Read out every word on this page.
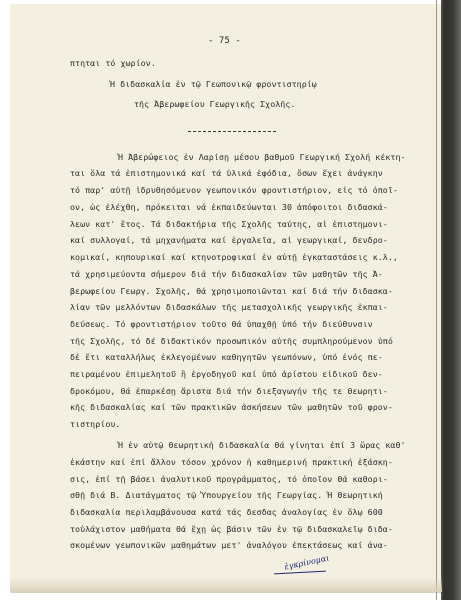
- 75 -
πτηται τό χωρίον.
Ἡ διδασκαλία ἐν τῷ Γεωπονικῷ φροντιστηρίῳ
τῆς Ἀβερωφείου Γεωργικῆς Σχολῆς.
Ἡ Ἀβερώφειος ἐν Λαρίσῃ μέσου βαθμοῦ Γεωργική Σχολή κέκτη-
ται ὅλα τά ἐπιστημονικά καί τά ὑλικά ἐφόδια, ὅσων ἔχει ἀνάγκην
τό παρ' αὐτῇ ἱδρυθησόμενον γεωπονικόν φροντιστήριον, εἰς τό ὁποῖ-
ον, ὡς ἐλέχθη, πρόκειται νά ἐκπαιδεύωνται 30 ἀπόφοιτοι διδασκά-
λεων κατ' ἔτος. Τά διδακτήρια τῆς Σχολῆς ταύτης, αἱ ἐπιστημονι-
καί συλλογαί, τά μηχανήματα καί ἐργαλεῖα, αἱ γεωργικαί, δενδρο-
κομικαί, κηπουρικαί καί κτηνοτροφικαί ἐν αὐτῇ ἐγκαταστάσεις κ.λ.,
τά χρησιμεύοντα σήμερον διά τήν διδασκαλίαν τῶν μαθητῶν τῆς Ἀ-
βερωφείου Γεωργ. Σχολῆς, θά χρησιμοποιῶνται καί διά τήν διδασκα-
λίαν τῶν μελλόντων διδασκάλων τῆς μετασχολικῆς γεωργικῆς ἐκπαι-
δεύσεως. Τό φροντιστήριον τοῦτο θά ὑπαχθῇ ὑπό τήν διεύθυνσιν
τῆς Σχολῆς, τό δέ διδακτικόν προσωπικόν αὐτῆς συμπληρούμενον ὑπό
δέ ἔτι καταλλήλως ἐκλεγομένων καθηγητῶν γεωπόνων, ὑπό ἑνός πε-
πειραμένου ἐπιμελητοῦ ἢ ἐργοδηγοῦ καί ὑπό ἀρίστου εἰδικοῦ δεν-
δροκόμου, θά ἐπαρκέσῃ ἄριστα διά τήν διεξαγωγήν τῆς τε θεωρητι-
κῆς διδασκαλίας καί τῶν πρακτικῶν ἀσκήσεων τῶν μαθητῶν τοῦ φρον-
τιστηρίου.
Ἡ ἐν αὐτῷ θεωρητική διδασκαλία θά γίνηται ἐπί 3 ὥρας καθ'
ἑκάστην καί ἐπί ἄλλον τόσον χρόνον ἡ καθημερινή πρακτική ἐξάσκη-
σις, ἐπί τῇ βάσει ἀναλυτικοῦ προγράμματος, τό ὁποῖον θά καθορι-
σθῇ διά Β. Διατάγματος τῷ Ὑπουργείου τῆς Γεωργίας. Ἡ θεωρητική
διδασκαλία περιλαμβάνουσα κατά τάς δεσδας ἀναλογίας ἐν ὅλῳ 600
τοὐλάχιστον μαθήματα θά ἔχῃ ὡς βάσιν τῶν ἐν τῷ διδασκαλεῖῳ διδα-
σκομένων γεωπονικῶν μαθημάτων μετ' ἀναλόγου ἐπεκτάσεως καί ἀνα-
ἐγκρίνομαι
